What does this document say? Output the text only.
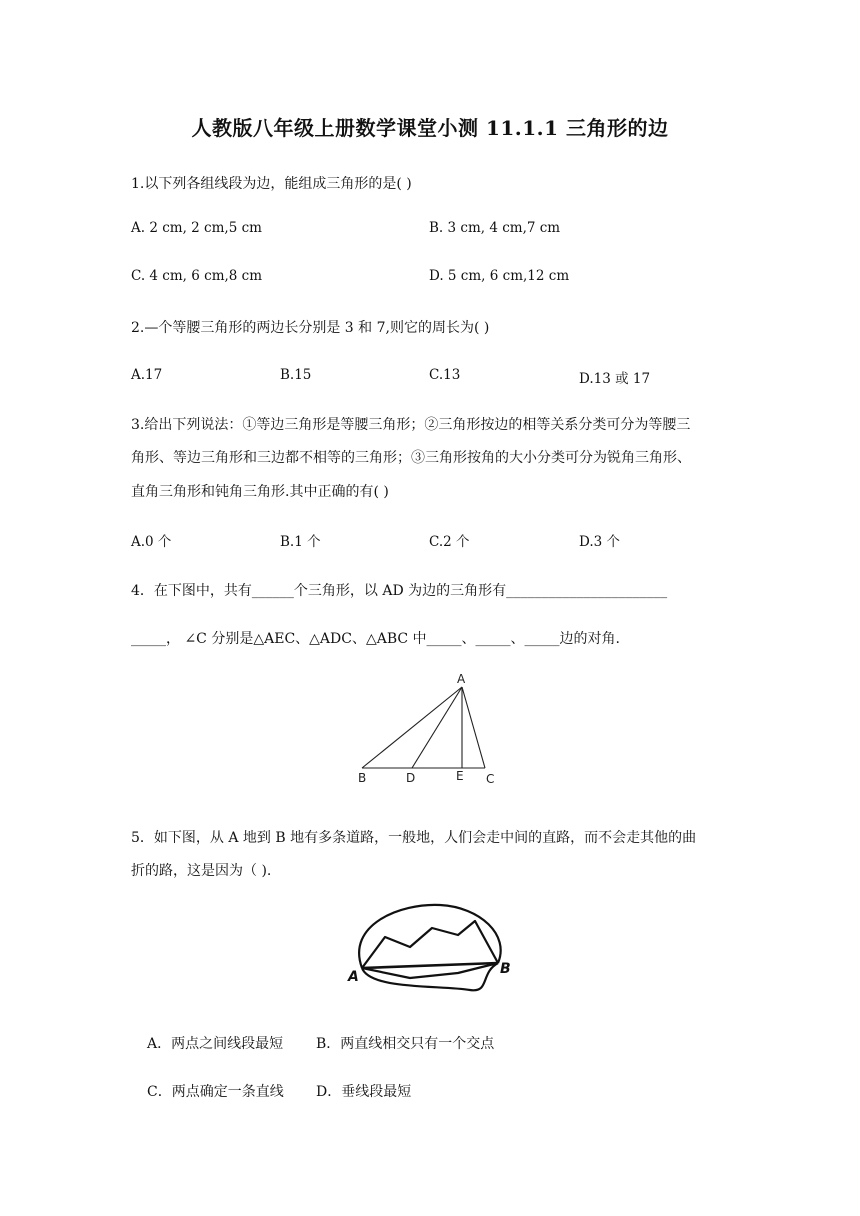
人教版八年级上册数学课堂小测 11.1.1 三角形的边
1.以下列各组线段为边，能组成三角形的是( )
A. 2 cm, 2 cm,5 cm	B. 3 cm, 4 cm,7 cm
C. 4 cm, 6 cm,8 cm	D. 5 cm, 6 cm,12 cm
2.—个等腰三角形的两边长分别是 3 和 7,则它的周长为( )
A.17	B.15	C.13	D.13 或 17
3.给出下列说法：①等边三角形是等腰三角形；②三角形按边的相等关系分类可分为等腰三
角形、等边三角形和三边都不相等的三角形；③三角形按角的大小分类可分为锐角三角形、
直角三角形和钝角三角形.其中正确的有( )
A.0 个	B.1 个	C.2 个	D.3 个
4．在下图中，共有______个三角形，以 AD 为边的三角形有_______________________
_____， ∠C 分别是△AEC、△ADC、△ABC 中_____、_____、_____边的对角.
A
B	D	E C
5．如下图，从 A 地到 B 地有多条道路，一般地，人们会走中间的直路，而不会走其他的曲
折的路，这是因为（ ).
A	B
A．两点之间线段最短 B．两直线相交只有一个交点
C．两点确定一条直线 D．垂线段最短
